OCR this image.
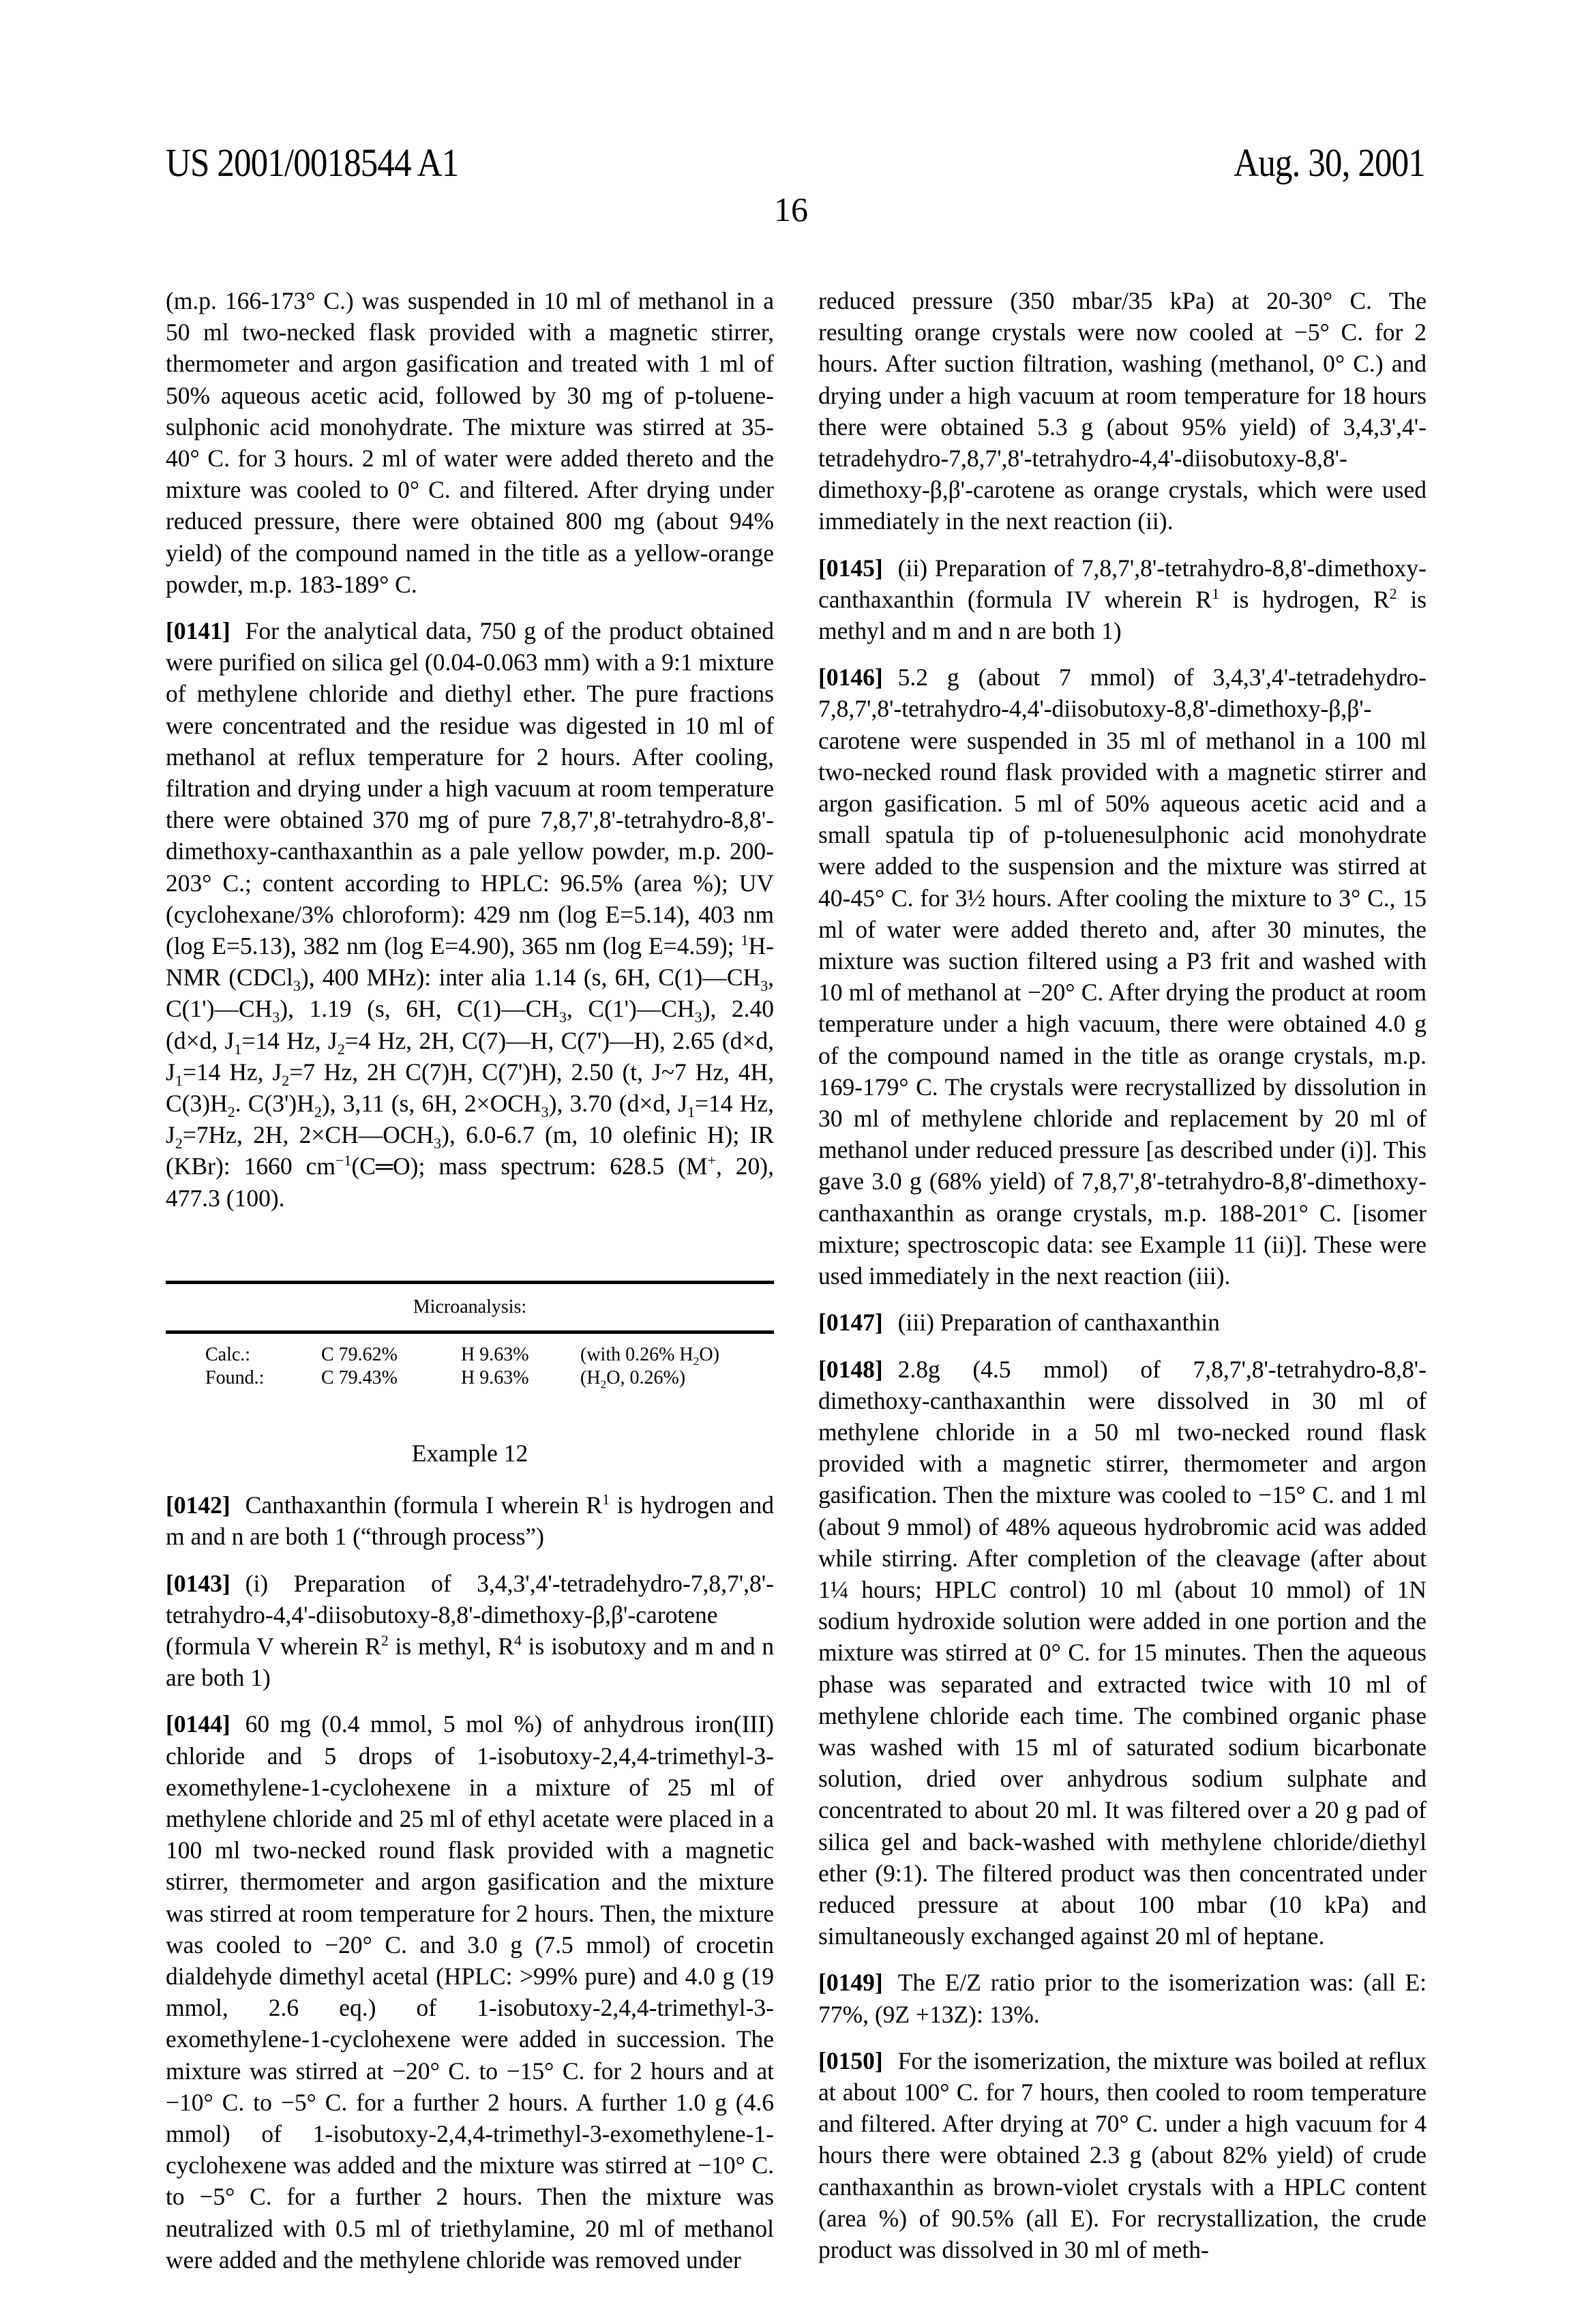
US 2001/0018544 A1	Aug. 30, 2001
16

(m.p. 166-173° C.) was suspended in 10 ml of methanol in a 50 ml two-necked flask provided with a magnetic stirrer, thermometer and argon gasification and treated with 1 ml of 50% aqueous acetic acid, followed by 30 mg of p-toluene-sulphonic acid monohydrate. The mixture was stirred at 35-40° C. for 3 hours. 2 ml of water were added thereto and the mixture was cooled to 0° C. and filtered. After drying under reduced pressure, there were obtained 800 mg (about 94% yield) of the compound named in the title as a yellow-orange powder, m.p. 183-189° C.

[0141] For the analytical data, 750 g of the product obtained were purified on silica gel (0.04-0.063 mm) with a 9:1 mixture of methylene chloride and diethyl ether. The pure fractions were concentrated and the residue was digested in 10 ml of methanol at reflux temperature for 2 hours. After cooling, filtration and drying under a high vacuum at room temperature there were obtained 370 mg of pure 7,8,7',8'-tetrahydro-8,8'-dimethoxy-canthaxanthin as a pale yellow powder, m.p. 200-203° C.; content according to HPLC: 96.5% (area %); UV (cyclohexane/3% chloroform): 429 nm (log E=5.14), 403 nm (log E=5.13), 382 nm (log E=4.90), 365 nm (log E=4.59); 1H-NMR (CDCl3), 400 MHz): inter alia 1.14 (s, 6H, C(1)—CH3, C(1')—CH3), 1.19 (s, 6H, C(1)—CH3, C(1')—CH3), 2.40 (d×d, J1=14 Hz, J2=4 Hz, 2H, C(7)—H, C(7')—H), 2.65 (d×d, J1=14 Hz, J2=7 Hz, 2H C(7)H, C(7')H), 2.50 (t, J~7 Hz, 4H, C(3)H2. C(3')H2), 3,11 (s, 6H, 2×OCH3), 3.70 (d×d, J1=14 Hz, J2=7Hz, 2H, 2×CH—OCH3), 6.0-6.7 (m, 10 olefinic H); IR (KBr): 1660 cm−1(C═O); mass spectrum: 628.5 (M+, 20), 477.3 (100).

Microanalysis:
Calc.:	C 79.62%	H 9.63%	(with 0.26% H2O)
Found.:	C 79.43%	H 9.63%	(H2O, 0.26%)
Example 12

[0142] Canthaxanthin (formula I wherein R1 is hydrogen and m and n are both 1 (“through process”)

[0143] (i) Preparation of 3,4,3',4'-tetradehydro-7,8,7',8'-tetrahydro-4,4'-diisobutoxy-8,8'-dimethoxy-β,β'-carotene (formula V wherein R2 is methyl, R4 is isobutoxy and m and n are both 1)

[0144] 60 mg (0.4 mmol, 5 mol %) of anhydrous iron(III) chloride and 5 drops of 1-isobutoxy-2,4,4-trimethyl-3-exomethylene-1-cyclohexene in a mixture of 25 ml of methylene chloride and 25 ml of ethyl acetate were placed in a 100 ml two-necked round flask provided with a magnetic stirrer, thermometer and argon gasification and the mixture was stirred at room temperature for 2 hours. Then, the mixture was cooled to −20° C. and 3.0 g (7.5 mmol) of crocetin dialdehyde dimethyl acetal (HPLC: >99% pure) and 4.0 g (19 mmol, 2.6 eq.) of 1-isobutoxy-2,4,4-trimethyl-3-exomethylene-1-cyclohexene were added in succession. The mixture was stirred at −20° C. to −15° C. for 2 hours and at −10° C. to −5° C. for a further 2 hours. A further 1.0 g (4.6 mmol) of 1-isobutoxy-2,4,4-trimethyl-3-exomethylene-1-cyclohexene was added and the mixture was stirred at −10° C. to −5° C. for a further 2 hours. Then the mixture was neutralized with 0.5 ml of triethylamine, 20 ml of methanol were added and the methylene chloride was removed under

reduced pressure (350 mbar/35 kPa) at 20-30° C. The resulting orange crystals were now cooled at −5° C. for 2 hours. After suction filtration, washing (methanol, 0° C.) and drying under a high vacuum at room temperature for 18 hours there were obtained 5.3 g (about 95% yield) of 3,4,3',4'-tetradehydro-7,8,7',8'-tetrahydro-4,4'-diisobutoxy-8,8'-dimethoxy-β,β'-carotene as orange crystals, which were used immediately in the next reaction (ii).

[0145] (ii) Preparation of 7,8,7',8'-tetrahydro-8,8'-dimethoxy-canthaxanthin (formula IV wherein R1 is hydrogen, R2 is methyl and m and n are both 1)

[0146] 5.2 g (about 7 mmol) of 3,4,3',4'-tetradehydro-7,8,7',8'-tetrahydro-4,4'-diisobutoxy-8,8'-dimethoxy-β,β'-carotene were suspended in 35 ml of methanol in a 100 ml two-necked round flask provided with a magnetic stirrer and argon gasification. 5 ml of 50% aqueous acetic acid and a small spatula tip of p-toluenesulphonic acid monohydrate were added to the suspension and the mixture was stirred at 40-45° C. for 3½ hours. After cooling the mixture to 3° C., 15 ml of water were added thereto and, after 30 minutes, the mixture was suction filtered using a P3 frit and washed with 10 ml of methanol at −20° C. After drying the product at room temperature under a high vacuum, there were obtained 4.0 g of the compound named in the title as orange crystals, m.p. 169-179° C. The crystals were recrystallized by dissolution in 30 ml of methylene chloride and replacement by 20 ml of methanol under reduced pressure [as described under (i)]. This gave 3.0 g (68% yield) of 7,8,7',8'-tetrahydro-8,8'-dimethoxy-canthaxanthin as orange crystals, m.p. 188-201° C. [isomer mixture; spectroscopic data: see Example 11 (ii)]. These were used immediately in the next reaction (iii).

[0147] (iii) Preparation of canthaxanthin

[0148] 2.8g (4.5 mmol) of 7,8,7',8'-tetrahydro-8,8'-dimethoxy-canthaxanthin were dissolved in 30 ml of methylene chloride in a 50 ml two-necked round flask provided with a magnetic stirrer, thermometer and argon gasification. Then the mixture was cooled to −15° C. and 1 ml (about 9 mmol) of 48% aqueous hydrobromic acid was added while stirring. After completion of the cleavage (after about 1¼ hours; HPLC control) 10 ml (about 10 mmol) of 1N sodium hydroxide solution were added in one portion and the mixture was stirred at 0° C. for 15 minutes. Then the aqueous phase was separated and extracted twice with 10 ml of methylene chloride each time. The combined organic phase was washed with 15 ml of saturated sodium bicarbonate solution, dried over anhydrous sodium sulphate and concentrated to about 20 ml. It was filtered over a 20 g pad of silica gel and back-washed with methylene chloride/diethyl ether (9:1). The filtered product was then concentrated under reduced pressure at about 100 mbar (10 kPa) and simultaneously exchanged against 20 ml of heptane.

[0149] The E/Z ratio prior to the isomerization was: (all E: 77%, (9Z +13Z): 13%.

[0150] For the isomerization, the mixture was boiled at reflux at about 100° C. for 7 hours, then cooled to room temperature and filtered. After drying at 70° C. under a high vacuum for 4 hours there were obtained 2.3 g (about 82% yield) of crude canthaxanthin as brown-violet crystals with a HPLC content (area %) of 90.5% (all E). For recrystallization, the crude product was dissolved in 30 ml of meth-
